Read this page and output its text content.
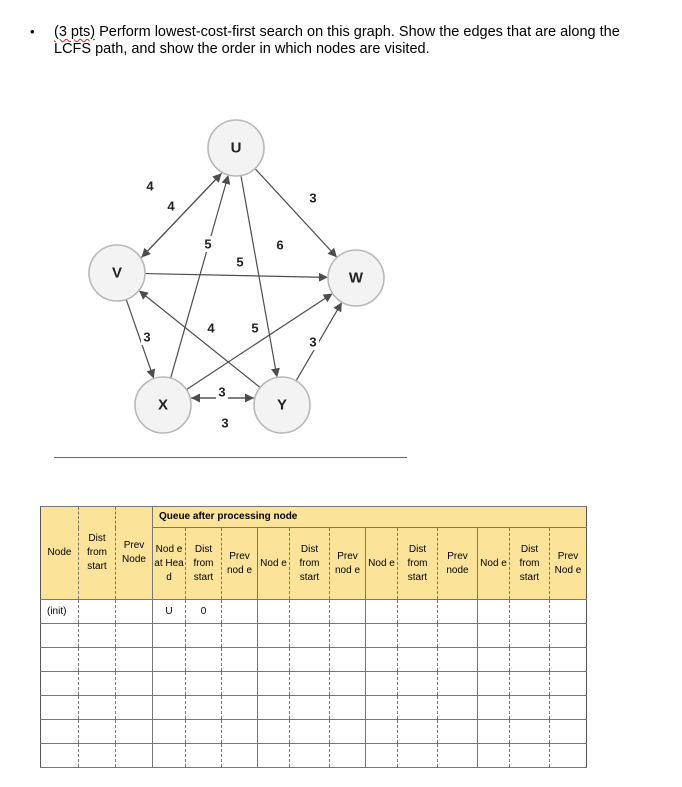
• (3 pts) Perform lowest-cost-first search on this graph. Show the edges that are along the LCFS path, and show the order in which nodes are visited.
U
V	W
X	Y
4
4
5	6
3
5
3
4	5
3
3
3
Node	Dist from start	Prev Node	Queue after processing node											
			Nod e at Hea d	Dist from start	Prev nod e	Nod e	Dist from start	Prev nod e	Nod e	Dist from start	Prev node	Nod e	Dist from start	Prev Nod e
(init)			U	0										
